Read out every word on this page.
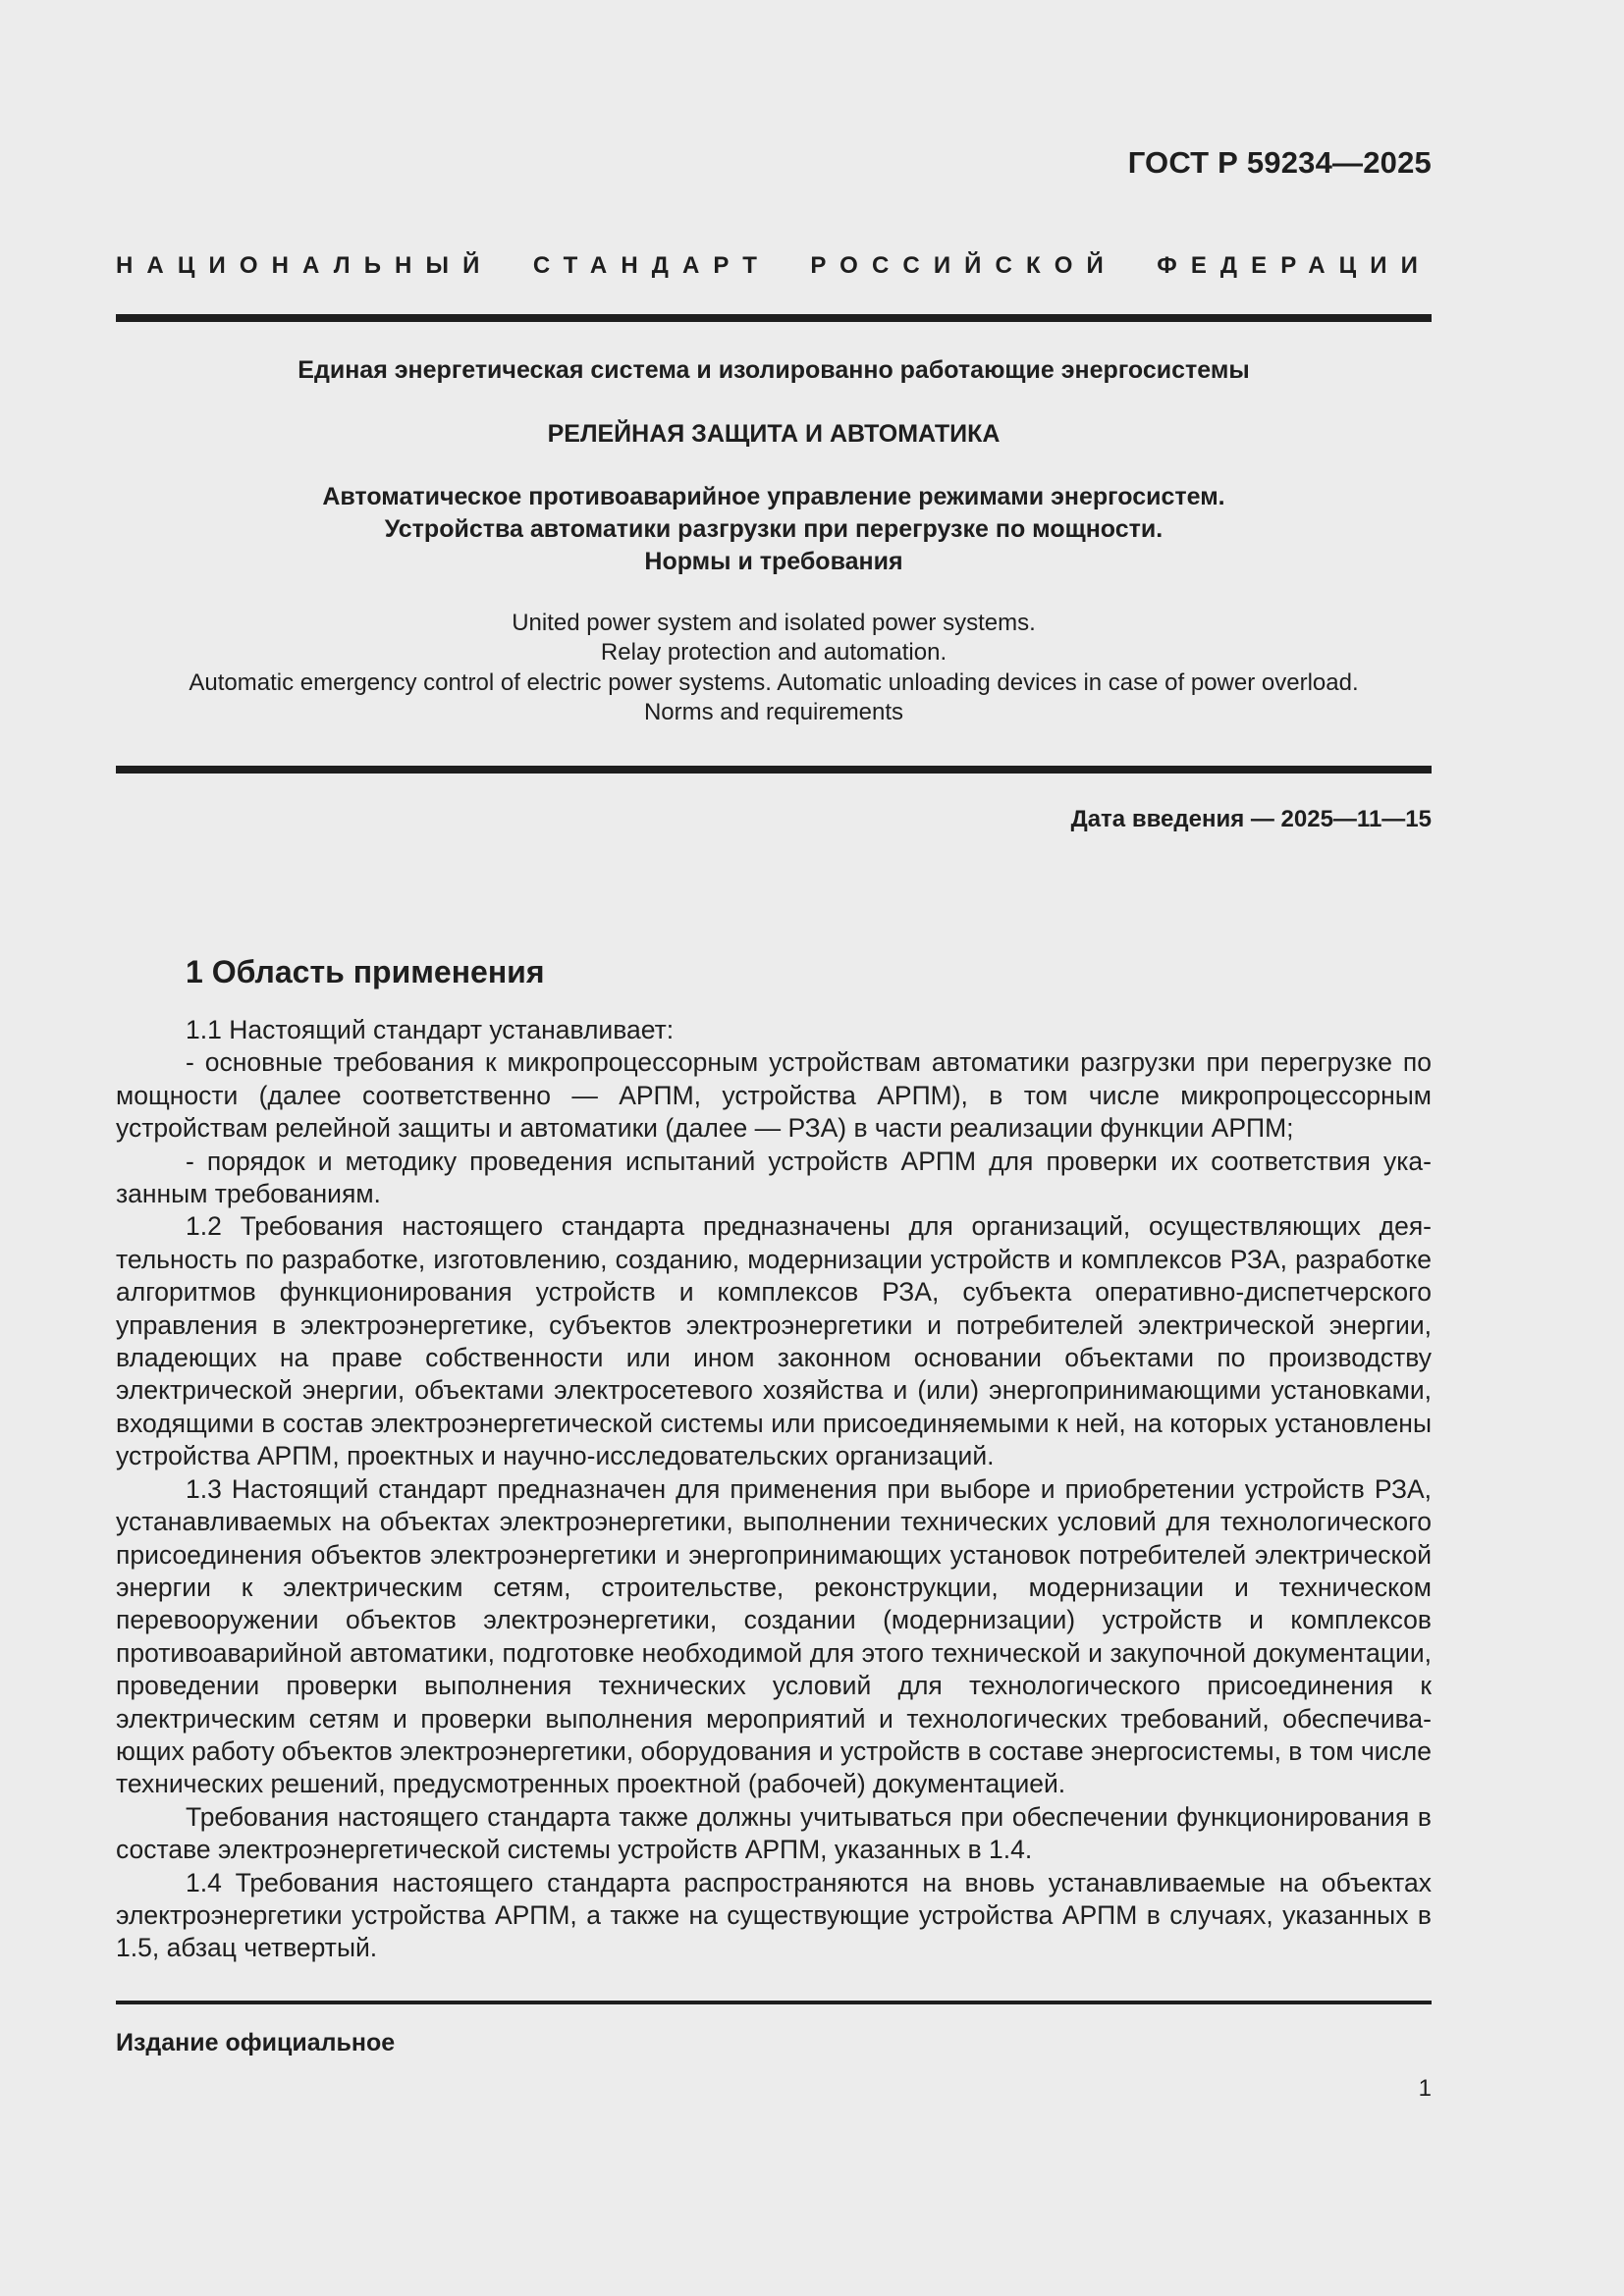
ГОСТ Р 59234—2025
НАЦИОНАЛЬНЫЙ СТАНДАРТ РОССИЙСКОЙ ФЕДЕРАЦИИ
Единая энергетическая система и изолированно работающие энергосистемы
РЕЛЕЙНАЯ ЗАЩИТА И АВТОМАТИКА
Автоматическое противоаварийное управление режимами энергосистем.
Устройства автоматики разгрузки при перегрузке по мощности.
Нормы и требования
United power system and isolated power systems.
Relay protection and automation.
Automatic emergency control of electric power systems. Automatic unloading devices in case of power overload.
Norms and requirements
Дата введения — 2025—11—15
1 Область применения

1.1 Настоящий стандарт устанавливает:

- основные требования к микропроцессорным устройствам автоматики разгрузки при перегрузке по мощности (далее соответственно — АРПМ, устройства АРПМ), в том числе микропроцессорным устройствам релейной защиты и автоматики (далее — РЗА) в части реализации функции АРПМ;

- порядок и методику проведения испытаний устройств АРПМ для проверки их соответствия указанным требованиям.

1.2 Требования настоящего стандарта предназначены для организаций, осуществляющих деятельность по разработке, изготовлению, созданию, модернизации устройств и комплексов РЗА, разработке алгоритмов функционирования устройств и комплексов РЗА, субъекта оперативно-диспетчерского управления в электроэнергетике, субъектов электроэнергетики и потребителей электрической энергии, владеющих на праве собственности или ином законном основании объектами по производству электрической энергии, объектами электросетевого хозяйства и (или) энергопринимающими установками, входящими в состав электроэнергетической системы или присоединяемыми к ней, на которых установлены устройства АРПМ, проектных и научно-исследовательских организаций.

1.3 Настоящий стандарт предназначен для применения при выборе и приобретении устройств РЗА, устанавливаемых на объектах электроэнергетики, выполнении технических условий для технологического присоединения объектов электроэнергетики и энергопринимающих установок потребителей электрической энергии к электрическим сетям, строительстве, реконструкции, модернизации и техническом перевооружении объектов электроэнергетики, создании (модернизации) устройств и комплексов противоаварийной автоматики, подготовке необходимой для этого технической и закупочной документации, проведении проверки выполнения технических условий для технологического присоединения к электрическим сетям и проверки выполнения мероприятий и технологических требований, обеспечивающих работу объектов электроэнергетики, оборудования и устройств в составе энергосистемы, в том числе технических решений, предусмотренных проектной (рабочей) документацией.

Требования настоящего стандарта также должны учитываться при обеспечении функционирования в составе электроэнергетической системы устройств АРПМ, указанных в 1.4.

1.4 Требования настоящего стандарта распространяются на вновь устанавливаемые на объектах электроэнергетики устройства АРПМ, а также на существующие устройства АРПМ в случаях, указанных в 1.5, абзац четвертый.

Издание официальное
1
